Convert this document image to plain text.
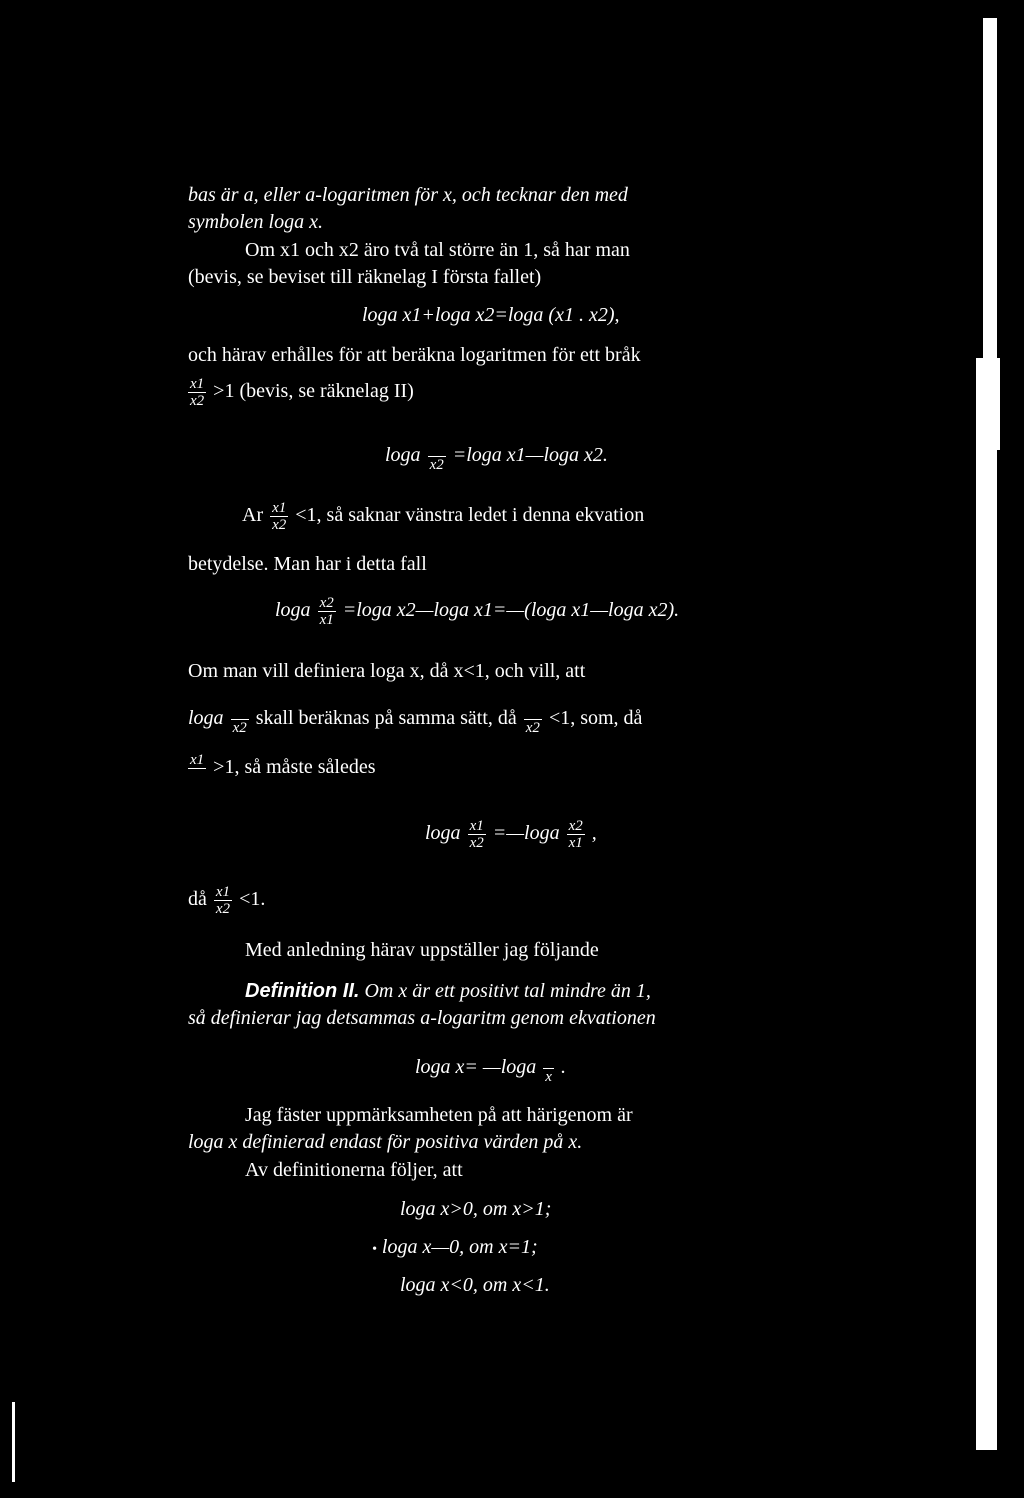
bas är a, eller a-logaritmen för x, och tecknar den med
symbolen loga x.
Om x1 och x2 äro två tal större än 1, så har man
(bevis, se beviset till räknelag I första fallet)
loga x1+loga x2=loga (x1 . x2),
och härav erhålles för att beräkna logaritmen för ett bråk
$\frac{x1}{x2} >1$ (bevis, se räknelag II)
loga
x2 =loga x1—loga x2.
Ar $\frac{x1}{x2} <1$, så saknar vänstra ledet i denna ekvation
betydelse. Man har i detta fall
loga $\frac{x2}{x1} =\log a$ x2—loga x1=—(loga x1—loga x2).
Om man vill definiera loga x, då x<1, och vill, att
loga
x2 skall beräknas på samma sätt, då
x2 <1, som, då
x1
>1, så måste således
loga $\frac{x1}{x2}$ =—loga $\frac{x2}{x1}$ ,
då $\frac{x1}{x2} <1$.
Med anledning härav uppställer jag följande
Definition II. Om x är ett positivt tal mindre än 1,
så definierar jag detsammas a-logaritm genom ekvationen
loga x= —loga
x .
Jag fäster uppmärksamheten på att härigenom är
loga x definierad endast för positiva värden på x.
Av definitionerna följer, att
loga x>0, om x>1;
• loga x—0, om x=1;
loga x<0, om x<1.
